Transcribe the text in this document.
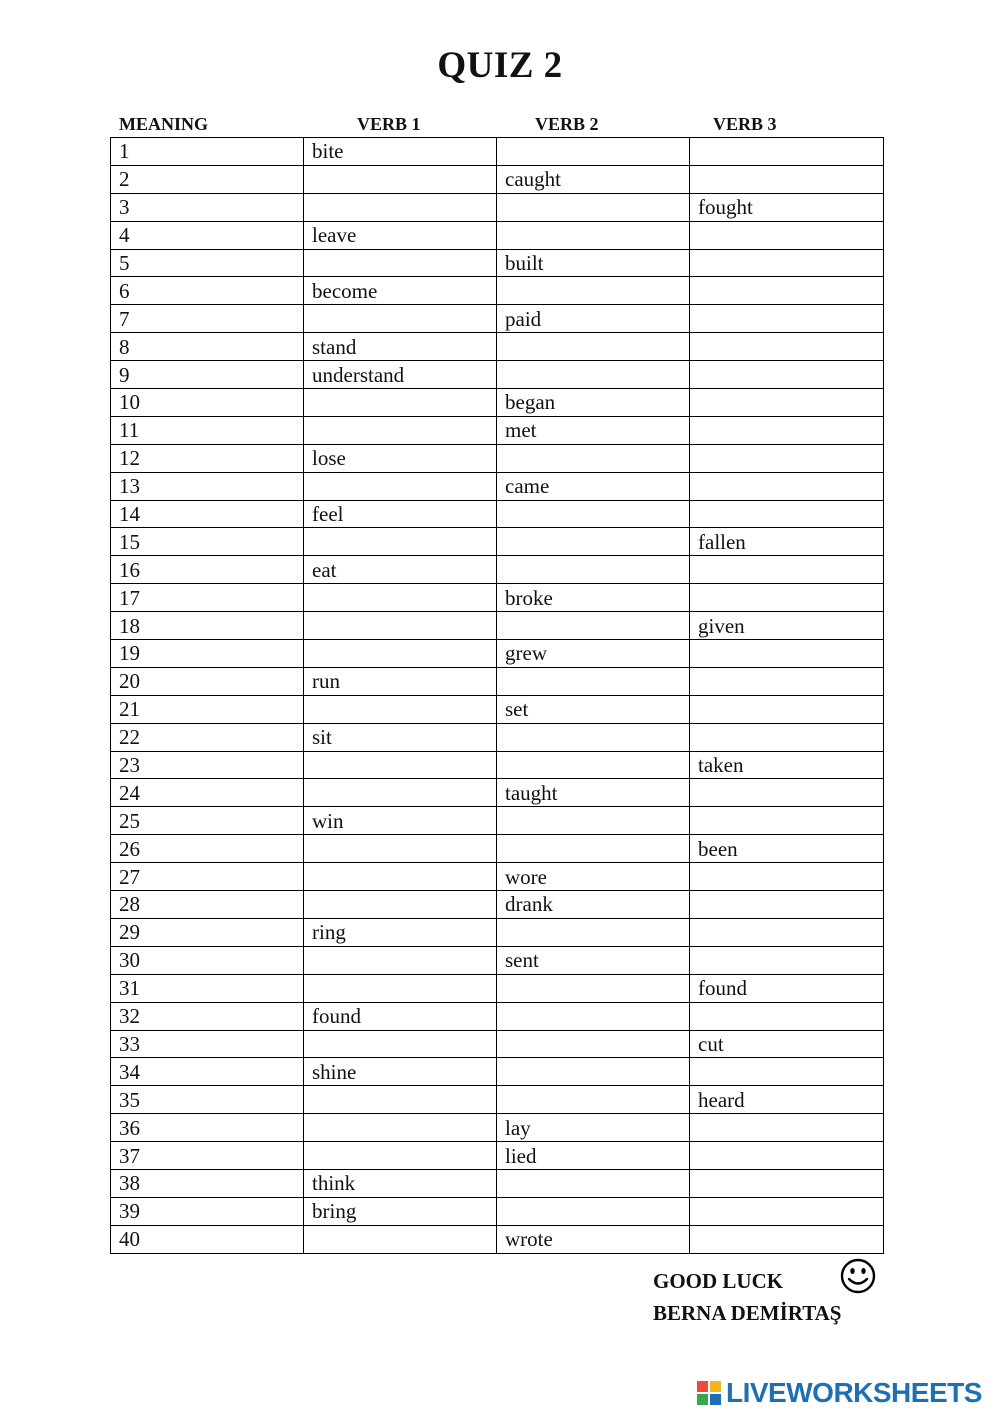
QUIZ 2
MEANING	VERB 1	VERB 2	VERB 3
1	bite		
2		caught	
3			fought
4	leave		
5		built	
6	become		
7		paid	
8	stand		
9	understand		
10		began	
11		met	
12	lose		
13		came	
14	feel		
15			fallen
16	eat		
17		broke	
18			given
19		grew	
20	run		
21		set	
22	sit		
23			taken
24		taught	
25	win		
26			been
27		wore	
28		drank	
29	ring		
30		sent	
31			found
32	found		
33			cut
34	shine		
35			heard
36		lay	
37		lied	
38	think		
39	bring		
40		wrote	
GOOD LUCK
BERNA DEMİRTAŞ
LIVEWORKSHEETS
